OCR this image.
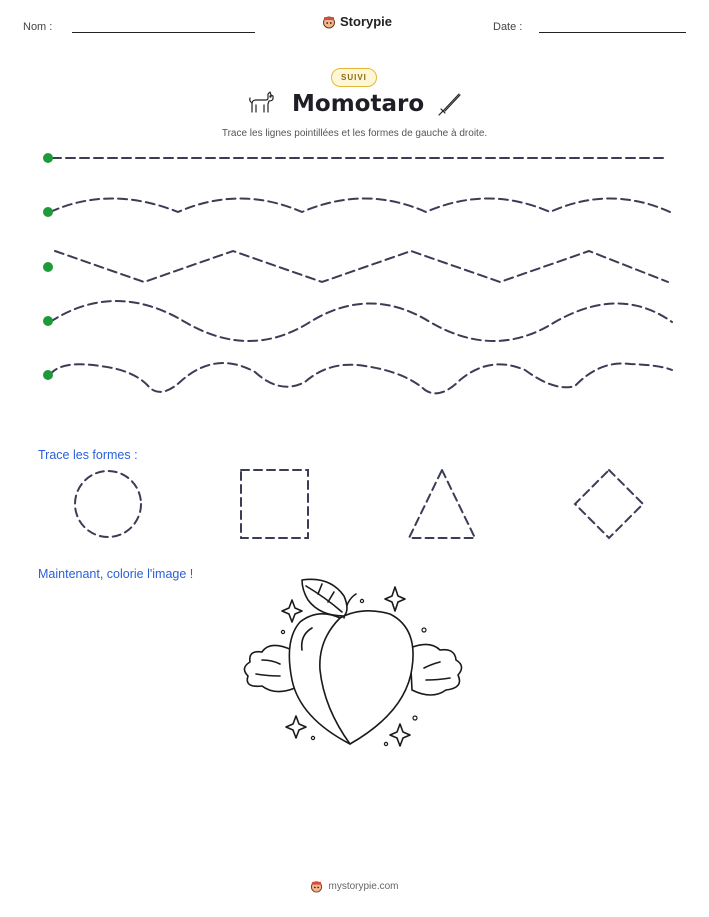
Nom :	Storypie	Date :
SUIVI
Momotaro
Trace les lignes pointillées et les formes de gauche à droite.
Trace les formes :
Maintenant, colorie l'image !
mystorypie.com
